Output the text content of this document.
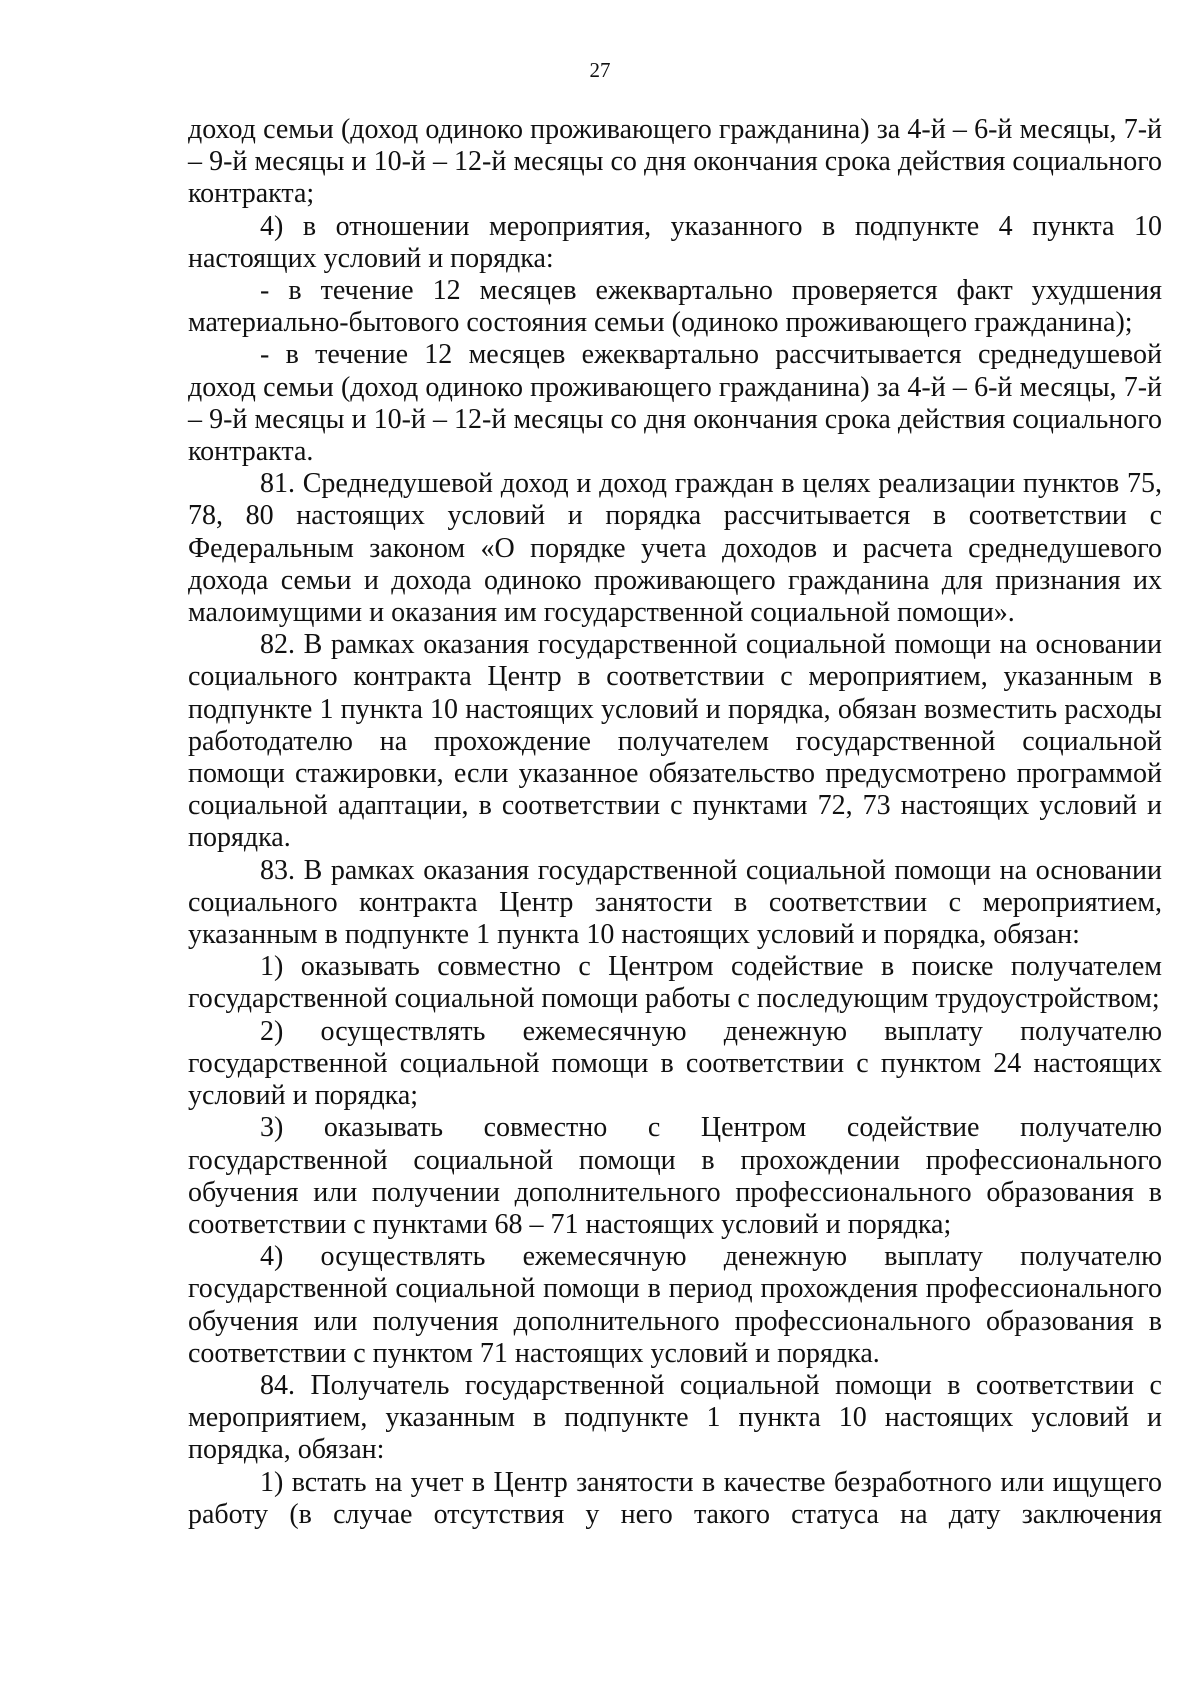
27

доход семьи (доход одиноко проживающего гражданина) за 4-й – 6-й месяцы, 7-й – 9-й месяцы и 10-й – 12-й месяцы со дня окончания срока действия социального контракта;

4) в отношении мероприятия, указанного в подпункте 4 пункта 10 настоящих условий и порядка:

- в течение 12 месяцев ежеквартально проверяется факт ухудшения материально-бытового состояния семьи (одиноко проживающего гражданина);

- в течение 12 месяцев ежеквартально рассчитывается среднедушевой доход семьи (доход одиноко проживающего гражданина) за 4-й – 6-й месяцы, 7-й – 9-й месяцы и 10-й – 12-й месяцы со дня окончания срока действия социального контракта.

81. Среднедушевой доход и доход граждан в целях реализации пунктов 75, 78, 80 настоящих условий и порядка рассчитывается в соответствии с Федеральным законом «О порядке учета доходов и расчета среднедушевого дохода семьи и дохода одиноко проживающего гражданина для признания их малоимущими и оказания им государственной социальной помощи».

82. В рамках оказания государственной социальной помощи на основании социального контракта Центр в соответствии с мероприятием, указанным в подпункте 1 пункта 10 настоящих условий и порядка, обязан возместить расходы работодателю на прохождение получателем государственной социальной помощи стажировки, если указанное обязательство предусмотрено программой социальной адаптации, в соответствии с пунктами 72, 73 настоящих условий и порядка.

83. В рамках оказания государственной социальной помощи на основании социального контракта Центр занятости в соответствии с мероприятием, указанным в подпункте 1 пункта 10 настоящих условий и порядка, обязан:

1) оказывать совместно с Центром содействие в поиске получателем государственной социальной помощи работы с последующим трудоустройством;

2) осуществлять ежемесячную денежную выплату получателю государственной социальной помощи в соответствии с пунктом 24 настоящих условий и порядка;

3) оказывать совместно с Центром содействие получателю государственной социальной помощи в прохождении профессионального обучения или получении дополнительного профессионального образования в соответствии с пунктами 68 – 71 настоящих условий и порядка;

4) осуществлять ежемесячную денежную выплату получателю государственной социальной помощи в период прохождения профессионального обучения или получения дополнительного профессионального образования в соответствии с пунктом 71 настоящих условий и порядка.

84. Получатель государственной социальной помощи в соответствии с мероприятием, указанным в подпункте 1 пункта 10 настоящих условий и порядка, обязан:

1) встать на учет в Центр занятости в качестве безработного или ищущего работу (в случае отсутствия у него такого статуса на дату заключения
